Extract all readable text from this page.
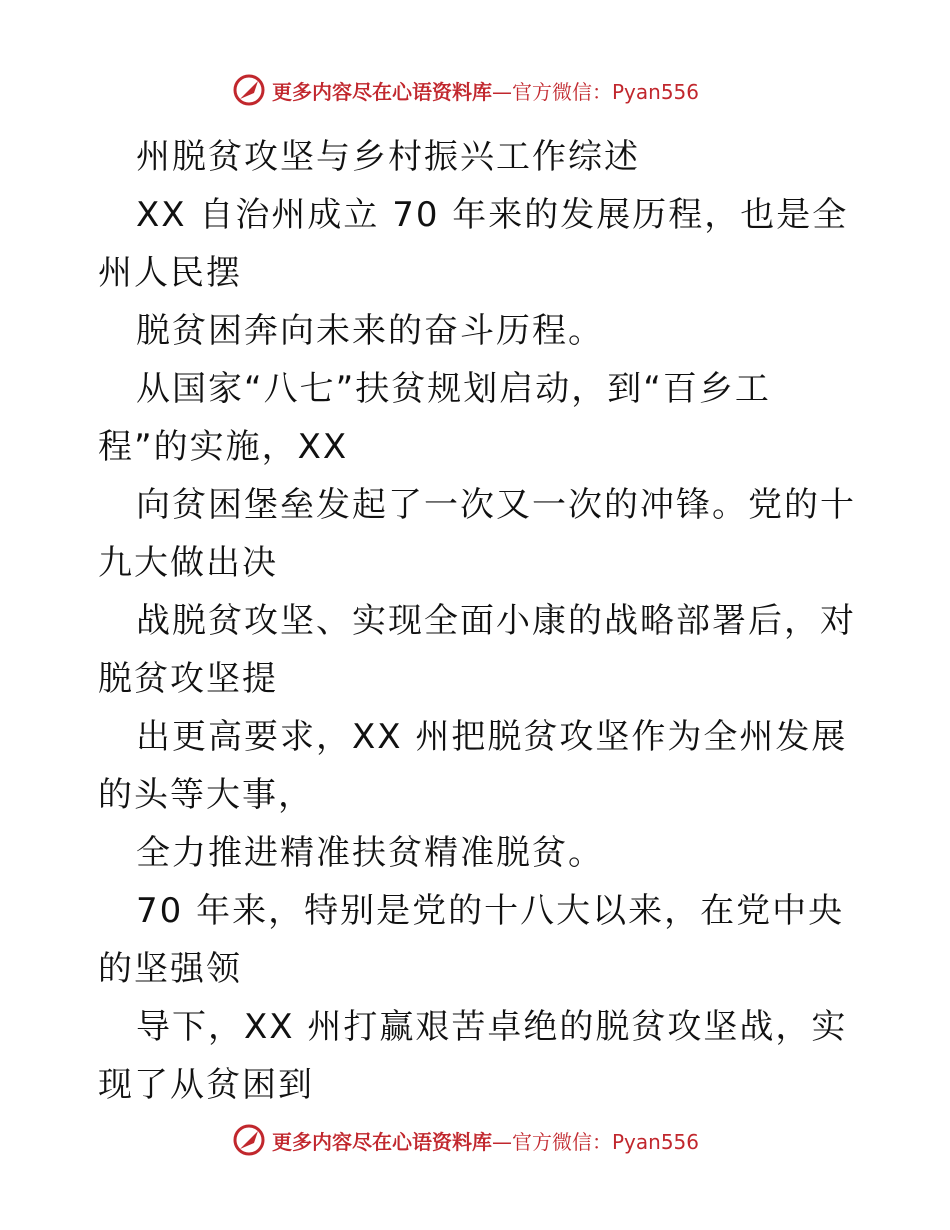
更多内容尽在心语资料库 —官方微信：Pyan556

州脱贫攻坚与乡村振兴工作综述

XX 自治州成立 70 年来的发展历程，也是全州人民摆

脱贫困奔向未来的奋斗历程。

从国家“八七”扶贫规划启动，到“百乡工
程”的实施，XX

向贫困堡垒发起了一次又一次的冲锋。党的十九大做出决

战脱贫攻坚、实现全面小康的战略部署后，对脱贫攻坚提

出更高要求，XX 州把脱贫攻坚作为全州发展的头等大事，

全力推进精准扶贫精准脱贫。

70 年来，特别是党的十八大以来，在党中央的坚强领

导下，XX 州打赢艰苦卓绝的脱贫攻坚战，实现了从贫困到

更多内容尽在心语资料库 —官方微信：Pyan556
